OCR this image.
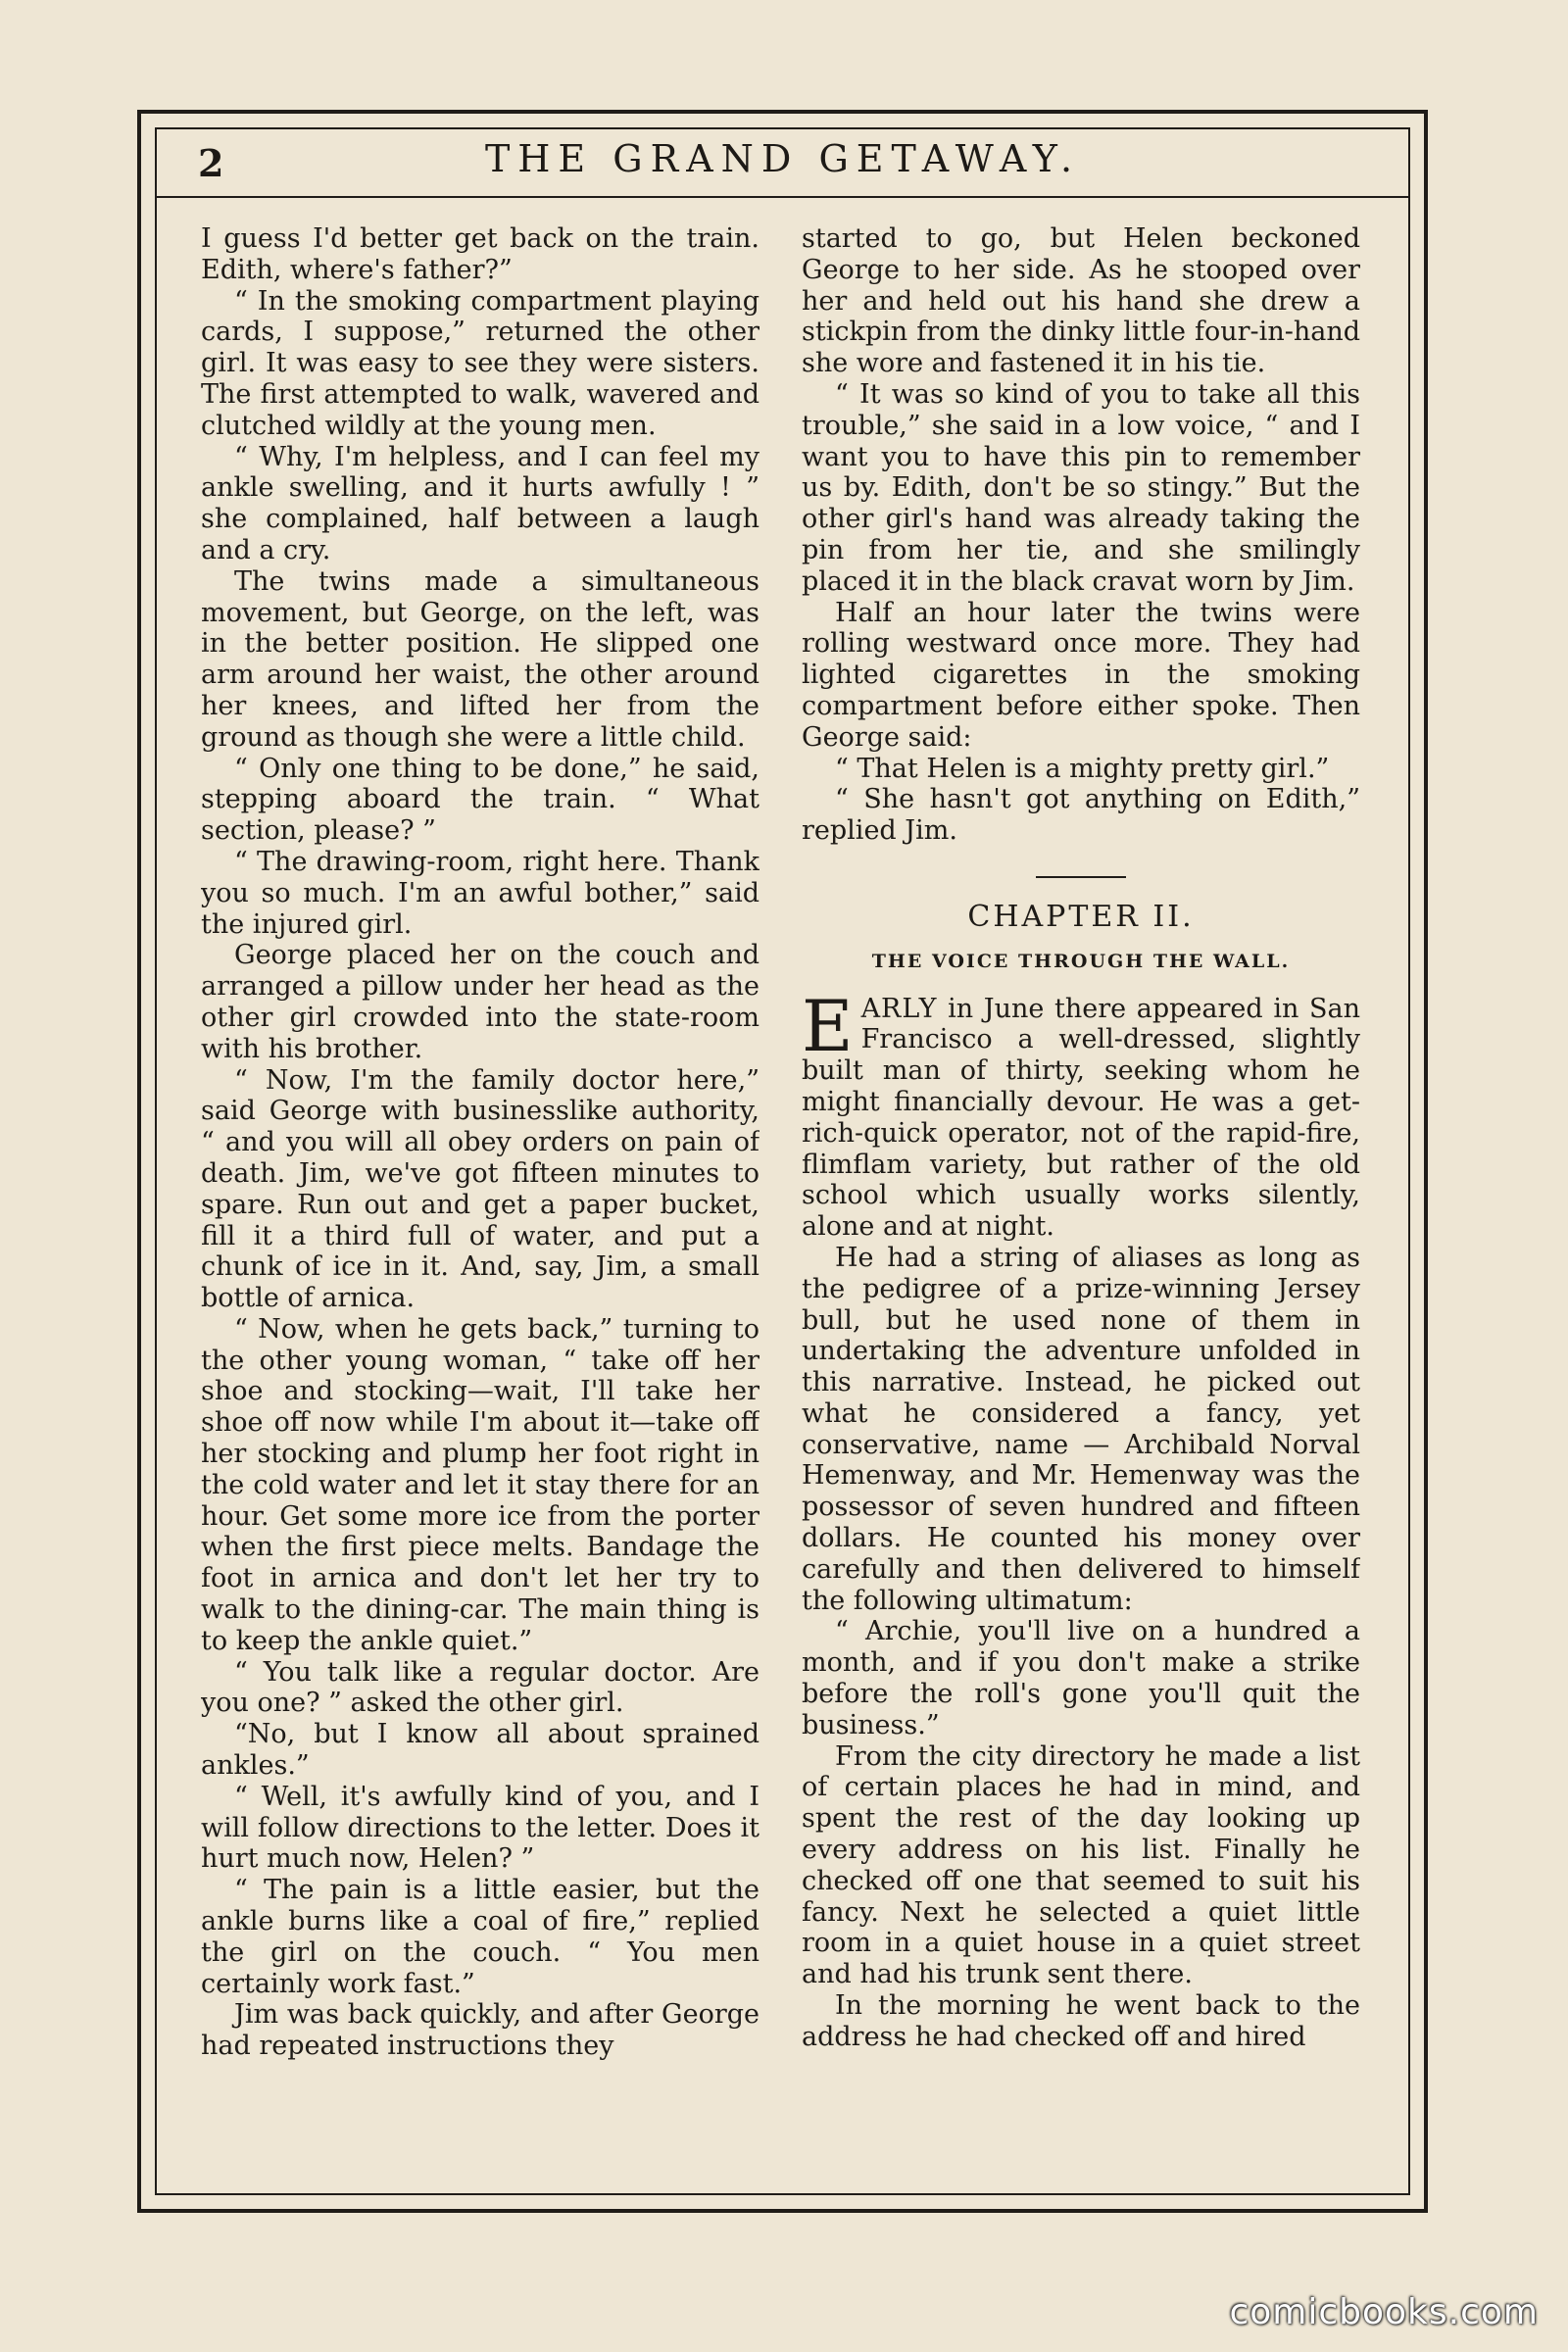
2	THE GRAND GETAWAY.

I guess I'd better get back on the train. Edith, where's father?”

“ In the smoking compartment playing cards, I suppose,” returned the other girl. It was easy to see they were sisters. The first attempted to walk, wavered and clutched wildly at the young men.

“ Why, I'm helpless, and I can feel my ankle swelling, and it hurts awfully ! ” she complained, half between a laugh and a cry.

The twins made a simultaneous movement, but George, on the left, was in the better position. He slipped one arm around her waist, the other around her knees, and lifted her from the ground as though she were a little child.

“ Only one thing to be done,” he said, stepping aboard the train. “ What section, please? ”

“ The drawing-room, right here. Thank you so much. I'm an awful bother,” said the injured girl.

George placed her on the couch and arranged a pillow under her head as the other girl crowded into the state-room with his brother.

“ Now, I'm the family doctor here,” said George with businesslike authority, “ and you will all obey orders on pain of death. Jim, we've got fifteen minutes to spare. Run out and get a paper bucket, fill it a third full of water, and put a chunk of ice in it. And, say, Jim, a small bottle of arnica.

“ Now, when he gets back,” turning to the other young woman, “ take off her shoe and stocking—wait, I'll take her shoe off now while I'm about it—take off her stocking and plump her foot right in the cold water and let it stay there for an hour. Get some more ice from the porter when the first piece melts. Bandage the foot in arnica and don't let her try to walk to the dining-car. The main thing is to keep the ankle quiet.”

“ You talk like a regular doctor. Are you one? ” asked the other girl.

“No, but I know all about sprained ankles.”

“ Well, it's awfully kind of you, and I will follow directions to the letter. Does it hurt much now, Helen? ”

“ The pain is a little easier, but the ankle burns like a coal of fire,” replied the girl on the couch. “ You men certainly work fast.”

Jim was back quickly, and after George had repeated instructions they

started to go, but Helen beckoned George to her side. As he stooped over her and held out his hand she drew a stickpin from the dinky little four-in-hand she wore and fastened it in his tie.

“ It was so kind of you to take all this trouble,” she said in a low voice, “ and I want you to have this pin to remember us by. Edith, don't be so stingy.” But the other girl's hand was already taking the pin from her tie, and she smilingly placed it in the black cravat worn by Jim.

Half an hour later the twins were rolling westward once more. They had lighted cigarettes in the smoking compartment before either spoke. Then George said:

“ That Helen is a mighty pretty girl.”

“ She hasn't got anything on Edith,” replied Jim.

CHAPTER II.
THE VOICE THROUGH THE WALL.

EARLY in June there appeared in San Francisco a well-dressed, slightly built man of thirty, seeking whom he might financially devour. He was a get-rich-quick operator, not of the rapid-fire, flimflam variety, but rather of the old school which usually works silently, alone and at night.

He had a string of aliases as long as the pedigree of a prize-winning Jersey bull, but he used none of them in undertaking the adventure unfolded in this narrative. Instead, he picked out what he considered a fancy, yet conservative, name — Archibald Norval Hemenway, and Mr. Hemenway was the possessor of seven hundred and fifteen dollars. He counted his money over carefully and then delivered to himself the following ultimatum:

“ Archie, you'll live on a hundred a month, and if you don't make a strike before the roll's gone you'll quit the business.”

From the city directory he made a list of certain places he had in mind, and spent the rest of the day looking up every address on his list. Finally he checked off one that seemed to suit his fancy. Next he selected a quiet little room in a quiet house in a quiet street and had his trunk sent there.

In the morning he went back to the address he had checked off and hired

comicbooks.com
